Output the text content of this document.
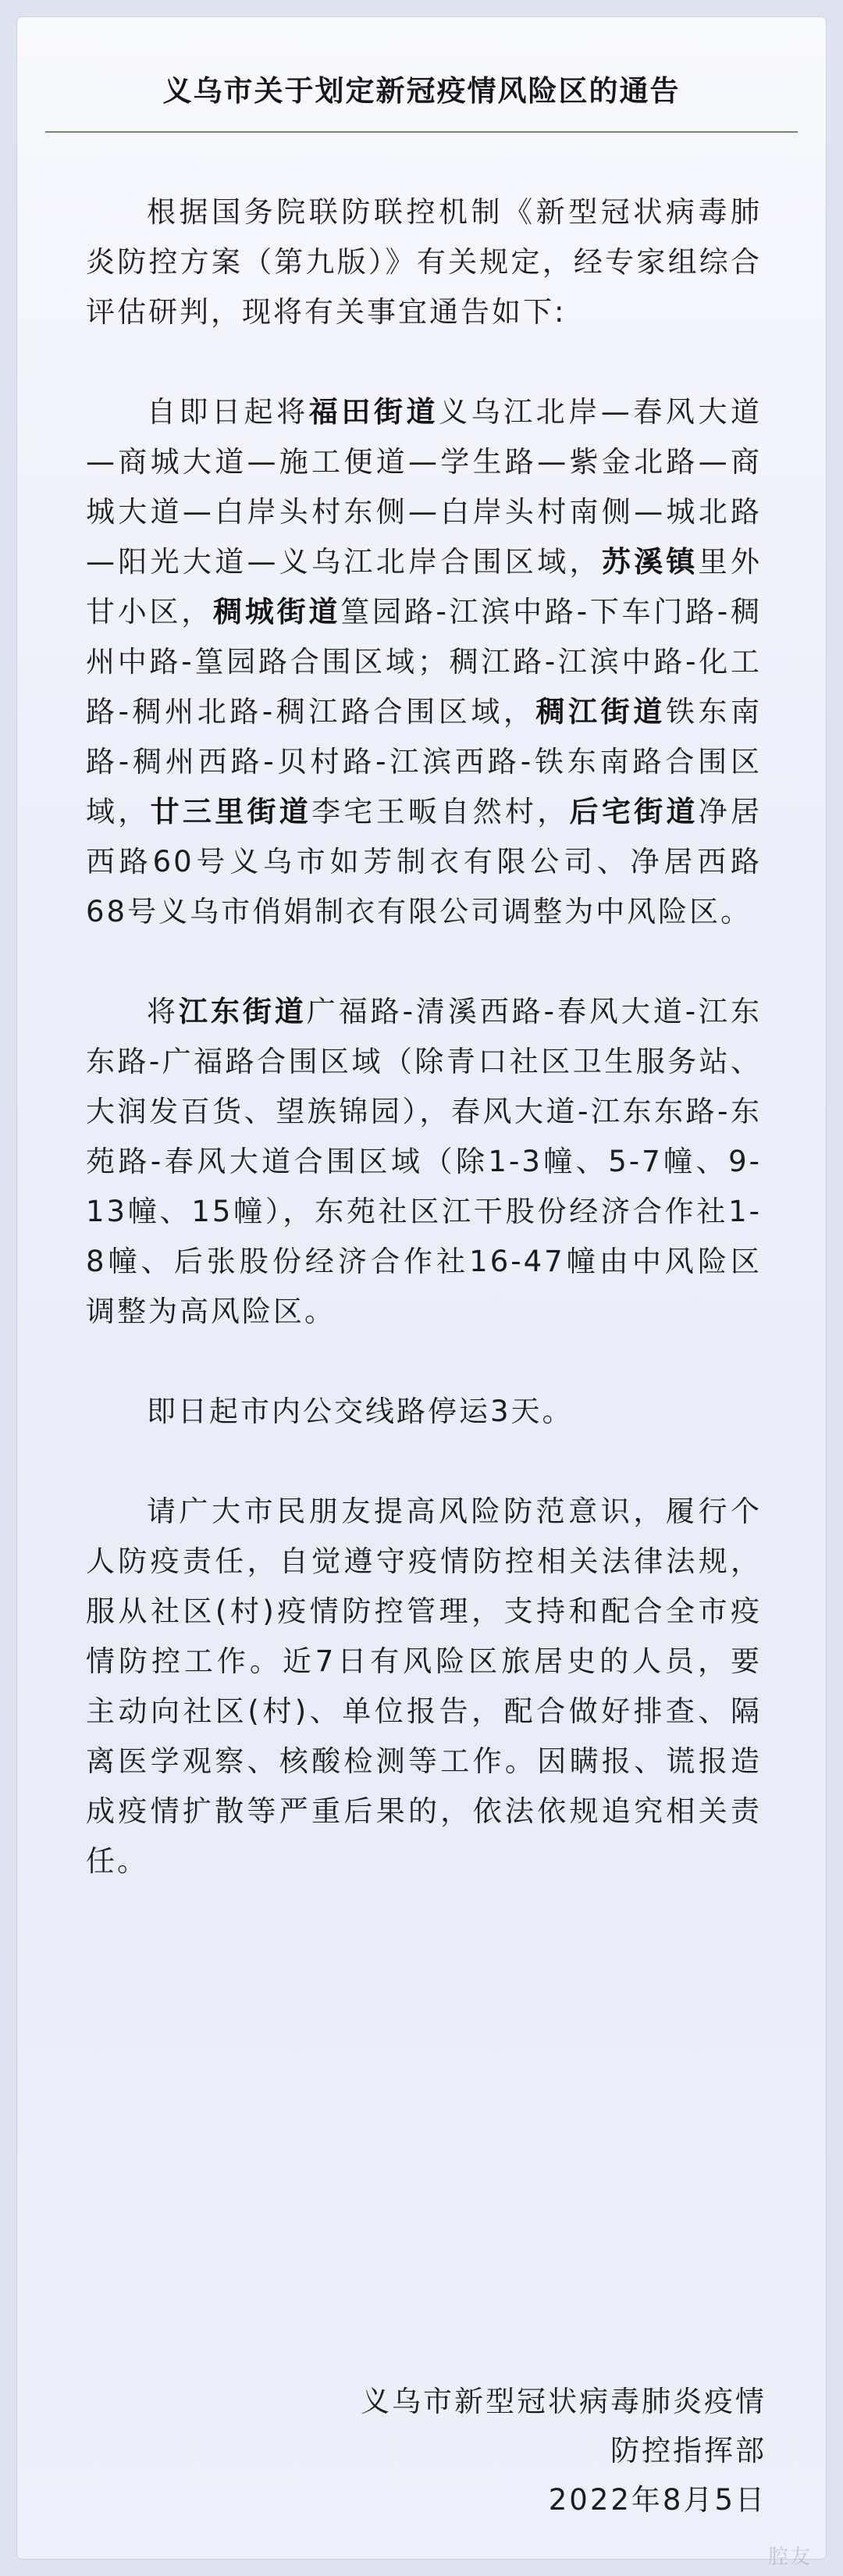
义乌市关于划定新冠疫情风险区的通告

根据国务院联防联控机制《新型冠状病毒肺炎防控方案（第九版）》有关规定，经专家组综合评估研判，现将有关事宜通告如下:

自即日起将福田街道义乌江北岸—春风大道—商城大道—施工便道—学生路—紫金北路—商城大道—白岸头村东侧—白岸头村南侧—城北路—阳光大道—义乌江北岸合围区域，苏溪镇里外甘小区，稠城街道篁园路-江滨中路-下车门路-稠州中路-篁园路合围区域；稠江路-江滨中路-化工路-稠州北路-稠江路合围区域，稠江街道铁东南路-稠州西路-贝村路-江滨西路-铁东南路合围区域，廿三里街道李宅王畈自然村，后宅街道净居西路60号义乌市如芳制衣有限公司、净居西路68号义乌市俏娟制衣有限公司调整为中风险区。

将江东街道广福路-清溪西路-春风大道-江东东路-广福路合围区域（除青口社区卫生服务站、大润发百货、望族锦园），春风大道-江东东路-东苑路-春风大道合围区域（除1-3幢、5-7幢、9-13幢、15幢），东苑社区江干股份经济合作社1-8幢、后张股份经济合作社16-47幢由中风险区调整为高风险区。

即日起市内公交线路停运3天。

请广大市民朋友提高风险防范意识，履行个人防疫责任，自觉遵守疫情防控相关法律法规，服从社区(村)疫情防控管理，支持和配合全市疫情防控工作。近7日有风险区旅居史的人员，要主动向社区(村)、单位报告，配合做好排查、隔离医学观察、核酸检测等工作。因瞒报、谎报造成疫情扩散等严重后果的，依法依规追究相关责任。

义乌市新型冠状病毒肺炎疫情
防控指挥部
2022年8月5日
腔友
